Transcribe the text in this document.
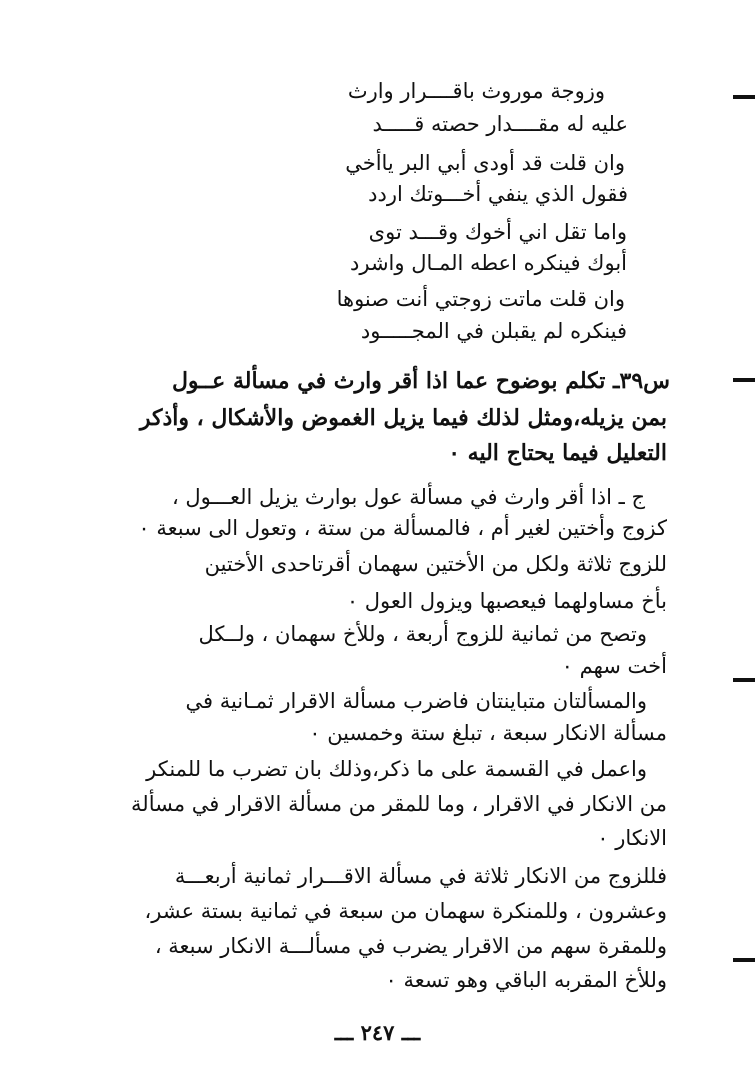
وزوجة موروث باقــــرار وارث
عليه له مقــــدار حصته قـــــد
وان قلت قد أودى أبي البر ياأخي
فقول الذي ينفي أخـــوتك اردد
واما تقل اني أخوك وقـــد توى
أبوك فينكره اعطه المـال واشرد
وان قلت ماتت زوجتي أنت صنوها
فينكره لم يقبلن في المجـــــود
س٣٩ـ تكلم بوضوح عما اذا أقر وارث في مسألة عــول
بمن يزيله،ومثل لذلك فيما يزيل الغموض والأشكال ، وأذكر
التعليل فيما يحتاج اليه ٠
ج ـ اذا أقر وارث في مسألة عول بوارث يزيل العـــول ،
كزوج وأختين لغير أم ، فالمسألة من ستة ، وتعول الى سبعة ٠
للزوج ثلاثة ولكل من الأختين سهمان أقرتاحدى الأختين
بأخ مساولهما فيعصبها ويزول العول ٠
وتصح من ثمانية للزوج أربعة ، وللأخ سهمان ، ولــكل
أخت سهم ٠
والمسألتان متباينتان فاضرب مسألة الاقرار ثمـانية في
مسألة الانكار سبعة ، تبلغ ستة وخمسين ٠
واعمل في القسمة على ما ذكر،وذلك بان تضرب ما للمنكر
من الانكار في الاقرار ، وما للمقر من مسألة الاقرار في مسألة
الانكار ٠
فللزوج من الانكار ثلاثة في مسألة الاقـــرار ثمانية أربعـــة
وعشرون ، وللمنكرة سهمان من سبعة في ثمانية بستة عشر،
وللمقرة سهم من الاقرار يضرب في مسألـــة الانكار سبعة ،
وللأخ المقربه الباقي وهو تسعة ٠
ـــ ٢٤٧ ـــ
